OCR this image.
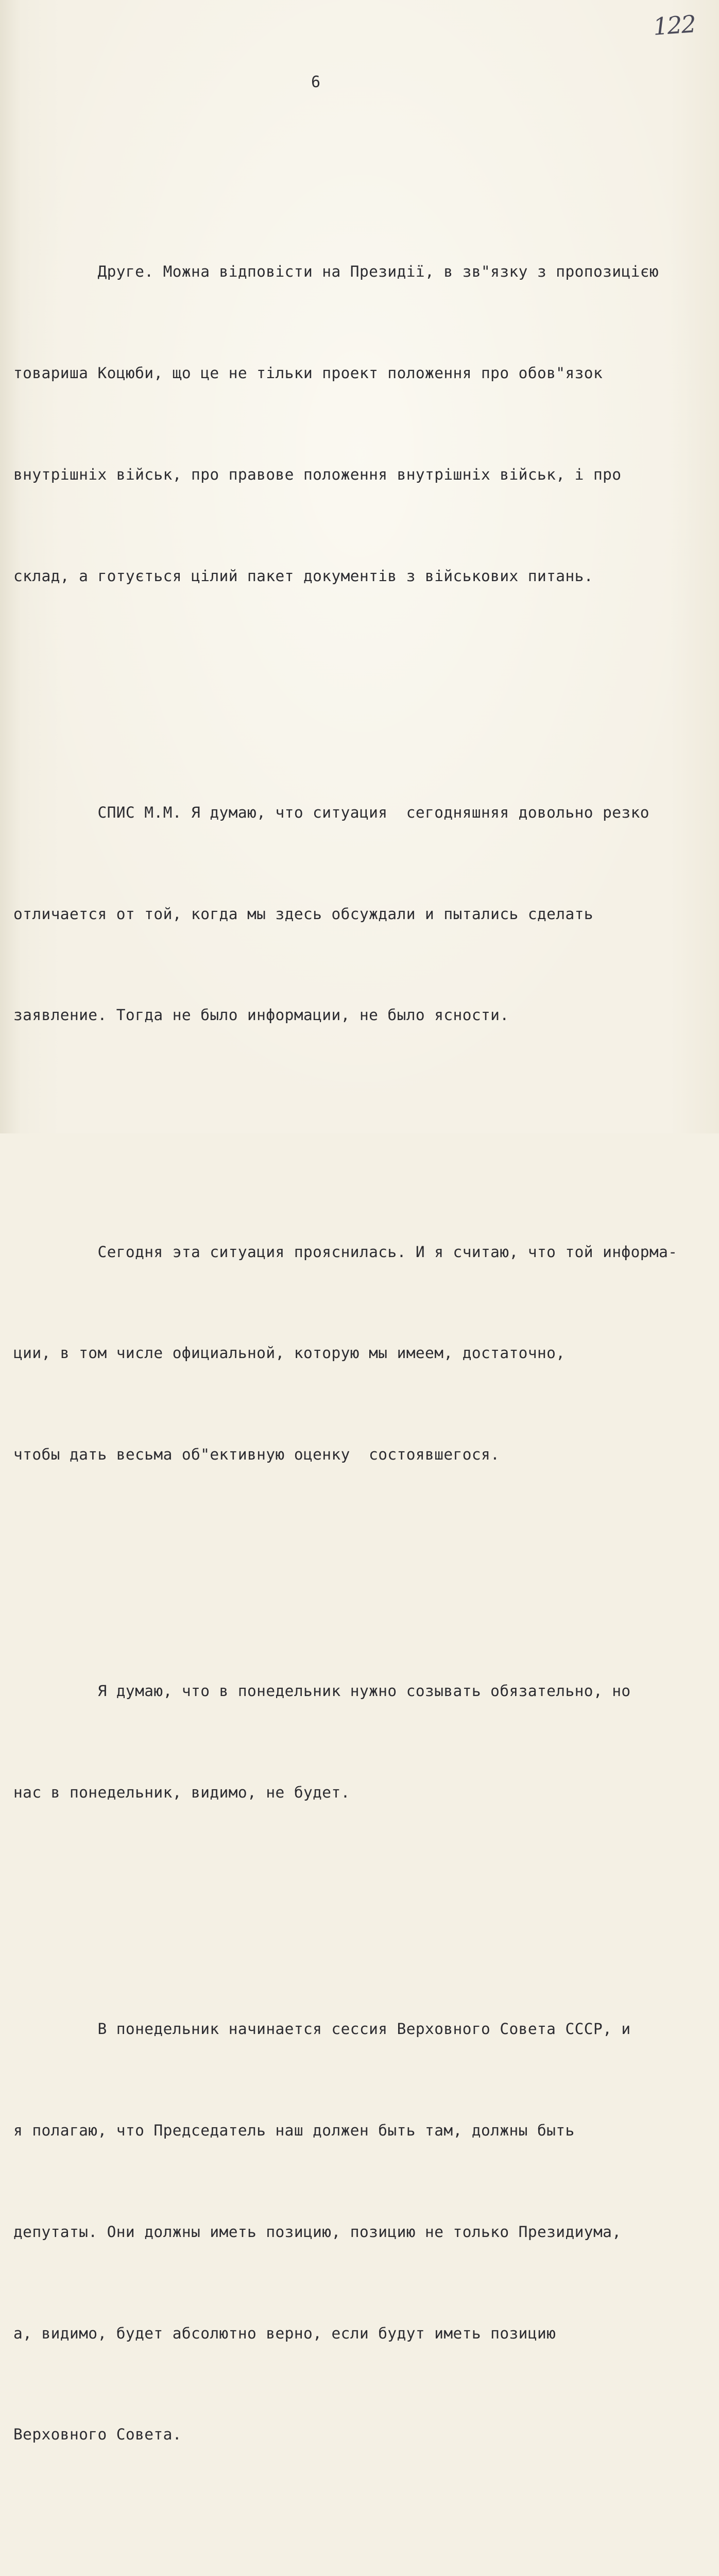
122
6

Друге. Можна відповісти на Президії, в зв"язку з пропозицією

товариша Коцюби, що це не тільки проект положення про обов"язок

внутрішніх військ, про правове положення внутрішніх військ, і про

склад, а готується цілий пакет документів з військових питань.

СПИС М.М. Я думаю, что ситуация  сегодняшняя довольно резко

отличается от той, когда мы здесь обсуждали и пытались сделать

заявление. Тогда не было информации, не было ясности.

Сегодня эта ситуация прояснилась. И я считаю, что той информа-

ции, в том числе официальной, которую мы имеем, достаточно,

чтобы дать весьма об"ективную оценку  состоявшегося.

Я думаю, что в понедельник нужно созывать обязательно, но

нас в понедельник, видимо, не будет.

В понедельник начинается сессия Верховного Совета СССР, и

я полагаю, что Председатель наш должен быть там, должны быть

депутаты. Они должны иметь позицию, позицию не только Президиума,

а, видимо, будет абсолютно верно, если будут иметь позицию

Верховного Совета.
